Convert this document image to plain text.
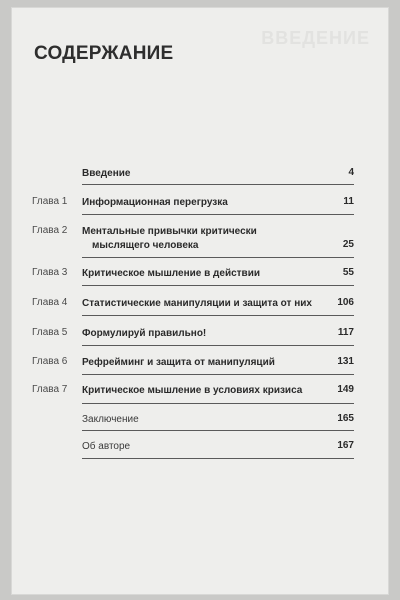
ВВЕДЕНИЕ
СОДЕРЖАНИЕ
Введение	4
Глава 1 Информационная перегрузка	11
Глава 2 Ментальные привычки критически
мыслящего человека	25
Глава 3 Критическое мышление в действии	55
Глава 4 Статистические манипуляции и защита от них	106
Глава 5 Формулируй правильно!	117
Глава 6 Рефрейминг и защита от манипуляций	131
Глава 7 Критическое мышление в условиях кризиса	149
Заключение	165
Об авторе	167
